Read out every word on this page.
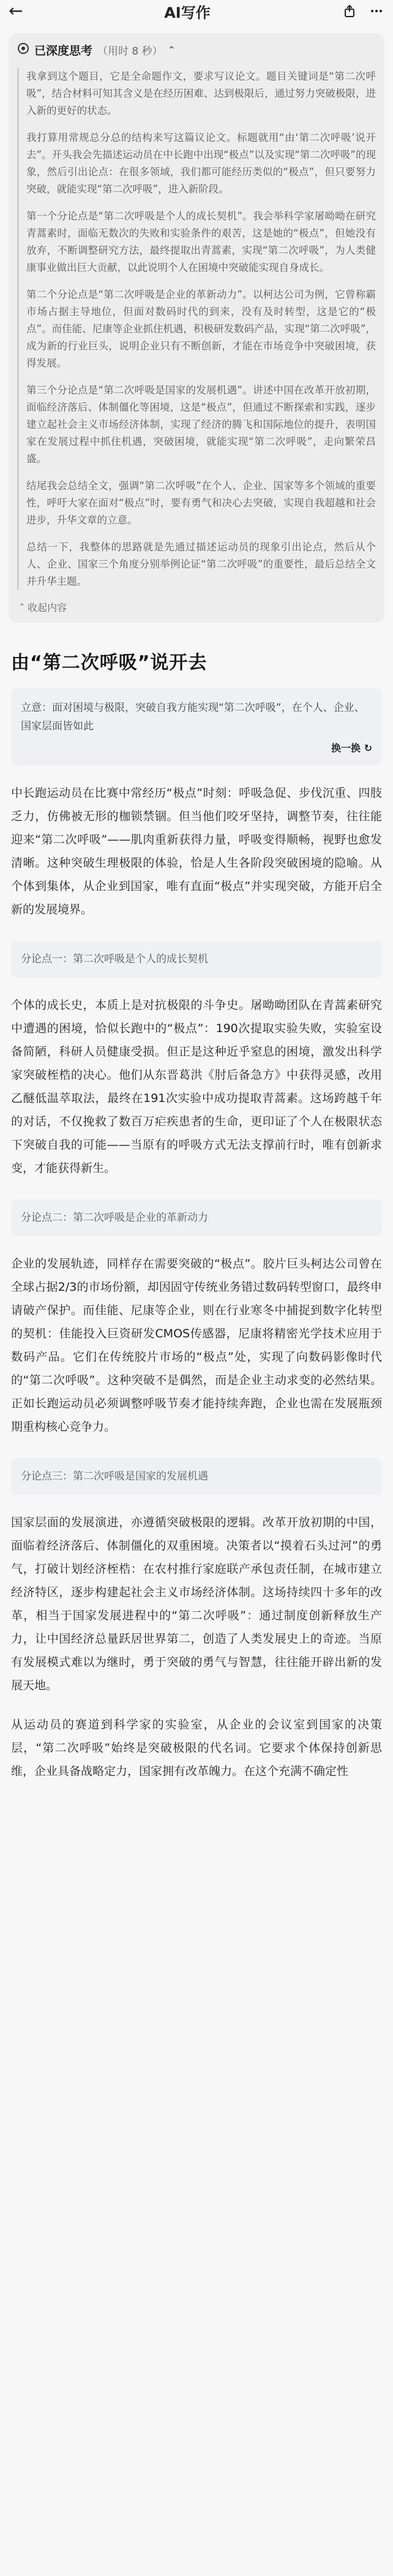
←	AI写作
已深度思考 （用时 8 秒） ⌃

我拿到这个题目，它是全命题作文，要求写议论文。题目关键词是“第二次呼吸”，结合材料可知其含义是在经历困难、达到极限后，通过努力突破极限，进入新的更好的状态。

我打算用常规总分总的结构来写这篇议论文。标题就用“由‘第二次呼吸’说开去”。开头我会先描述运动员在中长跑中出现“极点”以及实现“第二次呼吸”的现象，然后引出论点：在很多领域，我们都可能经历类似的“极点”，但只要努力突破，就能实现“第二次呼吸”，进入新阶段。

第一个分论点是“第二次呼吸是个人的成长契机”。我会举科学家屠呦呦在研究青蒿素时，面临无数次的失败和实验条件的艰苦，这是她的“极点”，但她没有放弃，不断调整研究方法，最终提取出青蒿素，实现“第二次呼吸”，为人类健康事业做出巨大贡献，以此说明个人在困境中突破能实现自身成长。

第二个分论点是“第二次呼吸是企业的革新动力”。以柯达公司为例，它曾称霸市场占据主导地位，但面对数码时代的到来，没有及时转型，这是它的“极点”。而佳能、尼康等企业抓住机遇，积极研发数码产品，实现“第二次呼吸”，成为新的行业巨头，说明企业只有不断创新，才能在市场竞争中突破困境，获得发展。

第三个分论点是“第二次呼吸是国家的发展机遇”。讲述中国在改革开放初期，面临经济落后、体制僵化等困境，这是“极点”，但通过不断探索和实践，逐步建立起社会主义市场经济体制，实现了经济的腾飞和国际地位的提升，表明国家在发展过程中抓住机遇，突破困境，就能实现“第二次呼吸”，走向繁荣昌盛。

结尾我会总结全文，强调“第二次呼吸”在个人、企业、国家等多个领域的重要性，呼吁大家在面对“极点”时，要有勇气和决心去突破，实现自我超越和社会进步，升华文章的立意。

总结一下，我整体的思路就是先通过描述运动员的现象引出论点，然后从个人、企业、国家三个角度分别举例论证“第二次呼吸”的重要性，最后总结全文并升华主题。

˄ 收起内容
由“第二次呼吸”说开去
立意：面对困境与极限，突破自我方能实现“第二次呼吸”，在个人、企业、国家层面皆如此
换一换 ↻

中长跑运动员在比赛中常经历“极点”时刻：呼吸急促、步伐沉重、四肢乏力，仿佛被无形的枷锁禁锢。但当他们咬牙坚持，调整节奏，往往能迎来“第二次呼吸”——肌肉重新获得力量，呼吸变得顺畅，视野也愈发清晰。这种突破生理极限的体验，恰是人生各阶段突破困境的隐喻。从个体到集体，从企业到国家，唯有直面“极点”并实现突破，方能开启全新的发展境界。

分论点一：第二次呼吸是个人的成长契机

个体的成长史，本质上是对抗极限的斗争史。屠呦呦团队在青蒿素研究中遭遇的困境，恰似长跑中的“极点”：190次提取实验失败，实验室设备简陋，科研人员健康受损。但正是这种近乎窒息的困境，激发出科学家突破桎梏的决心。他们从东晋葛洪《肘后备急方》中获得灵感，改用乙醚低温萃取法，最终在191次实验中成功提取青蒿素。这场跨越千年的对话，不仅挽救了数百万疟疾患者的生命，更印证了个人在极限状态下突破自我的可能——当原有的呼吸方式无法支撑前行时，唯有创新求变，才能获得新生。

分论点二：第二次呼吸是企业的革新动力

企业的发展轨迹，同样存在需要突破的“极点”。胶片巨头柯达公司曾在全球占据2/3的市场份额，却因固守传统业务错过数码转型窗口，最终申请破产保护。而佳能、尼康等企业，则在行业寒冬中捕捉到数字化转型的契机：佳能投入巨资研发CMOS传感器，尼康将精密光学技术应用于数码产品。它们在传统胶片市场的“极点”处，实现了向数码影像时代的“第二次呼吸”。这种突破不是偶然，而是企业主动求变的必然结果。正如长跑运动员必须调整呼吸节奏才能持续奔跑，企业也需在发展瓶颈期重构核心竞争力。

分论点三：第二次呼吸是国家的发展机遇

国家层面的发展演进，亦遵循突破极限的逻辑。改革开放初期的中国，面临着经济落后、体制僵化的双重困境。决策者以“摸着石头过河”的勇气，打破计划经济桎梏：在农村推行家庭联产承包责任制，在城市建立经济特区，逐步构建起社会主义市场经济体制。这场持续四十多年的改革，相当于国家发展进程中的“第二次呼吸”：通过制度创新释放生产力，让中国经济总量跃居世界第二，创造了人类发展史上的奇迹。当原有发展模式难以为继时，勇于突破的勇气与智慧，往往能开辟出新的发展天地。

从运动员的赛道到科学家的实验室，从企业的会议室到国家的决策层，“第二次呼吸”始终是突破极限的代名词。它要求个体保持创新思维，企业具备战略定力，国家拥有改革魄力。在这个充满不确定性
